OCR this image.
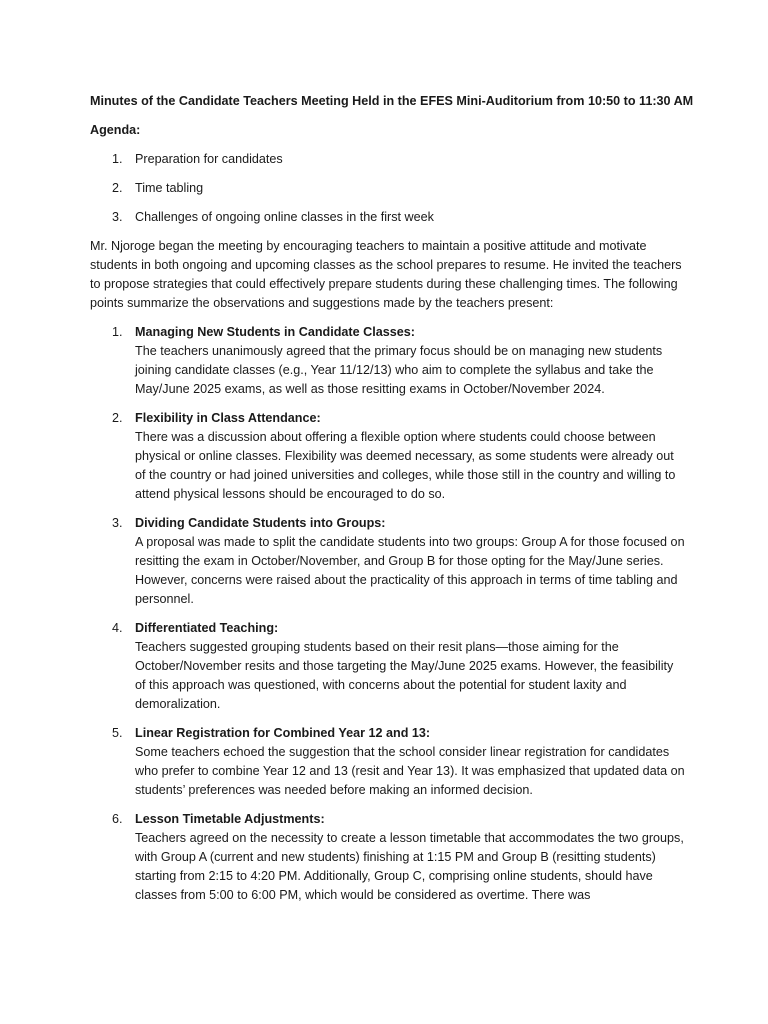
Minutes of the Candidate Teachers Meeting Held in the EFES Mini-Auditorium from 10:50 to 11:30 AM

Agenda:

1. Preparation for candidates
2. Time tabling
3. Challenges of ongoing online classes in the first week

Mr. Njoroge began the meeting by encouraging teachers to maintain a positive attitude and motivate students in both ongoing and upcoming classes as the school prepares to resume. He invited the teachers to propose strategies that could effectively prepare students during these challenging times. The following points summarize the observations and suggestions made by the teachers present:

1. Managing New Students in Candidate Classes:
The teachers unanimously agreed that the primary focus should be on managing new students joining candidate classes (e.g., Year 11/12/13) who aim to complete the syllabus and take the May/June 2025 exams, as well as those resitting exams in October/November 2024.
2. Flexibility in Class Attendance:
There was a discussion about offering a flexible option where students could choose between physical or online classes. Flexibility was deemed necessary, as some students were already out of the country or had joined universities and colleges, while those still in the country and willing to attend physical lessons should be encouraged to do so.
3. Dividing Candidate Students into Groups:
A proposal was made to split the candidate students into two groups: Group A for those focused on resitting the exam in October/November, and Group B for those opting for the May/June series. However, concerns were raised about the practicality of this approach in terms of time tabling and personnel.
4. Differentiated Teaching:
Teachers suggested grouping students based on their resit plans—those aiming for the October/November resits and those targeting the May/June 2025 exams. However, the feasibility of this approach was questioned, with concerns about the potential for student laxity and demoralization.
5. Linear Registration for Combined Year 12 and 13:
Some teachers echoed the suggestion that the school consider linear registration for candidates who prefer to combine Year 12 and 13 (resit and Year 13). It was emphasized that updated data on students’ preferences was needed before making an informed decision.
6. Lesson Timetable Adjustments:
Teachers agreed on the necessity to create a lesson timetable that accommodates the two groups, with Group A (current and new students) finishing at 1:15 PM and Group B (resitting students) starting from 2:15 to 4:20 PM. Additionally, Group C, comprising online students, should have classes from 5:00 to 6:00 PM, which would be considered as overtime. There was
